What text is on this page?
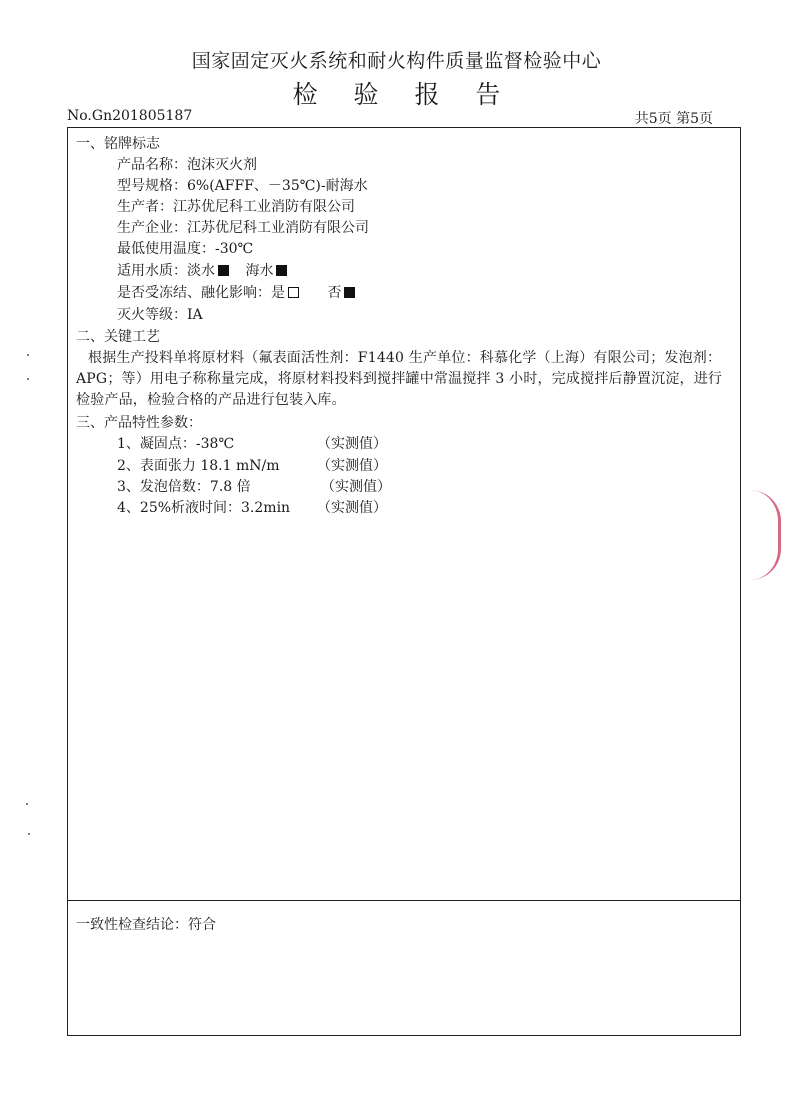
国家固定灭火系统和耐火构件质量监督检验中心
检 验 报 告
No.Gn201805187	共5页 第5页
一、铭牌标志
产品名称：泡沫灭火剂
型号规格：6%(AFFF、－35℃)-耐海水
生产者：江苏优尼科工业消防有限公司
生产企业：江苏优尼科工业消防有限公司
最低使用温度：-30℃
适用水质：淡水 海水
是否受冻结、融化影响：是	否
灭火等级：IA
二、关键工艺
根据生产投料单将原材料（氟表面活性剂：F1440 生产单位：科慕化学（上海）有限公司；发泡剂：APG；等）用电子称称量完成，将原材料投料到搅拌罐中常温搅拌 3 小时，完成搅拌后静置沉淀，进行检验产品，检验合格的产品进行包装入库。
三、产品特性参数：
1、凝固点：-38℃	（实测值）
2、表面张力 18.1 mN/m	（实测值）
3、发泡倍数：7.8 倍	（实测值）
4、25%析液时间：3.2min （实测值）
一致性检查结论：符合
